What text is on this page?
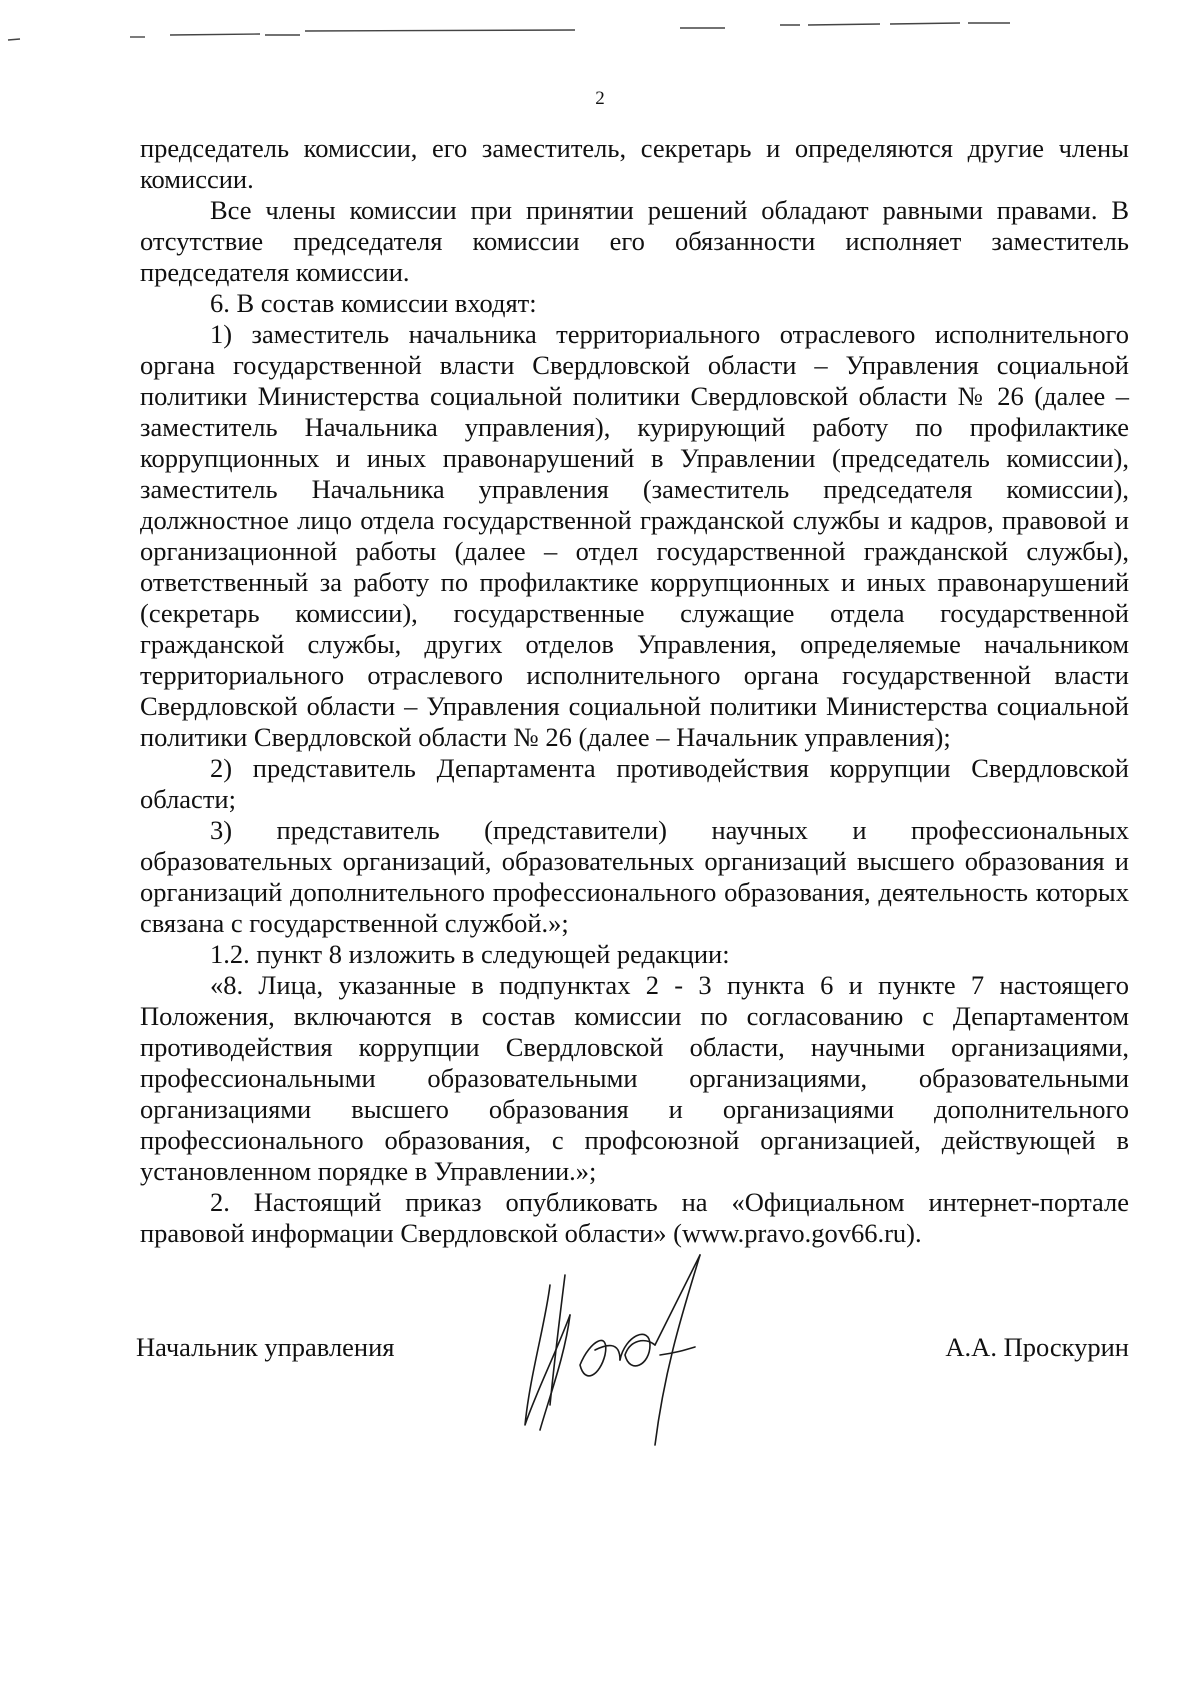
2

председатель комиссии, его заместитель, секретарь и определяются другие члены комиссии.

Все члены комиссии при принятии решений обладают равными правами. В отсутствие председателя комиссии его обязанности исполняет заместитель председателя комиссии.

6. В состав комиссии входят:

1) заместитель начальника территориального отраслевого исполнительного органа государственной власти Свердловской области – Управления социальной политики Министерства социальной политики Свердловской области № 26 (далее – заместитель Начальника управления), курирующий работу по профилактике коррупционных и иных правонарушений в Управлении (председатель комиссии), заместитель Начальника управления (заместитель председателя комиссии), должностное лицо отдела государственной гражданской службы и кадров, правовой и организационной работы (далее – отдел государственной гражданской службы), ответственный за работу по профилактике коррупционных и иных правонарушений (секретарь комиссии), государственные служащие отдела государственной гражданской службы, других отделов Управления, определяемые начальником территориального отраслевого исполнительного органа государственной власти Свердловской области – Управления социальной политики Министерства социальной политики Свердловской области № 26 (далее – Начальник управления);

2) представитель Департамента противодействия коррупции Свердловской области;

3) представитель (представители) научных и профессиональных образовательных организаций, образовательных организаций высшего образования и организаций дополнительного профессионального образования, деятельность которых связана с государственной службой.»;

1.2. пункт 8 изложить в следующей редакции:

«8. Лица, указанные в подпунктах 2 - 3 пункта 6 и пункте 7 настоящего Положения, включаются в состав комиссии по согласованию с Департаментом противодействия коррупции Свердловской области, научными организациями, профессиональными образовательными организациями, образовательными организациями высшего образования и организациями дополнительного профессионального образования, с профсоюзной организацией, действующей в установленном порядке в Управлении.»;

2. Настоящий приказ опубликовать на «Официальном интернет-портале правовой информации Свердловской области» (www.pravo.gov66.ru).

Начальник управления	А.А. Проскурин
